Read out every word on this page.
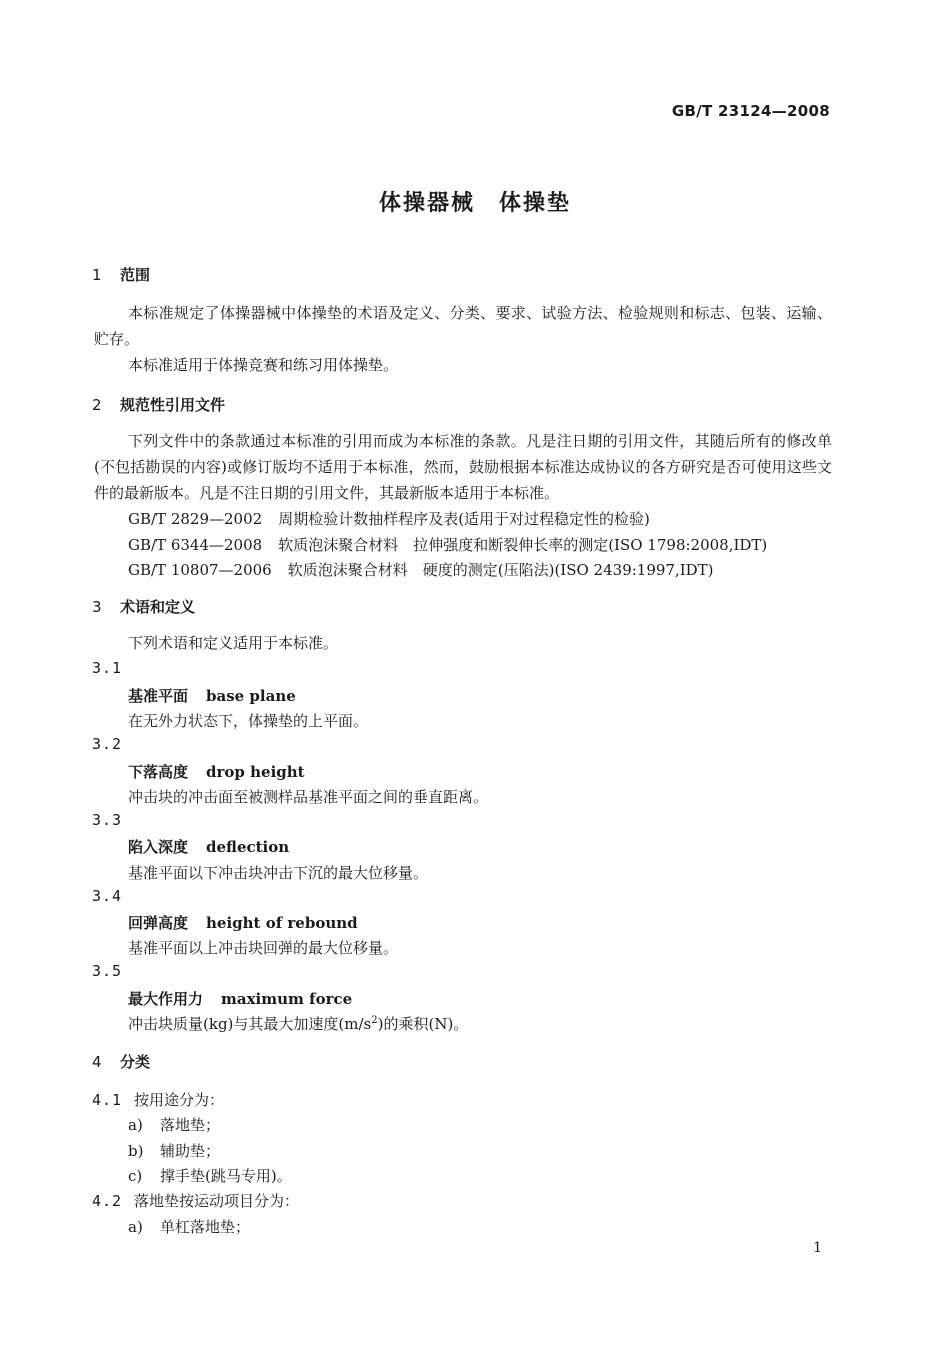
GB/T 23124—2008
体操器械　体操垫
1 范围
本标准规定了体操器械中体操垫的术语及定义、分类、要求、试验方法、检验规则和标志、包装、运输、贮存。
本标准适用于体操竞赛和练习用体操垫。
2 规范性引用文件
下列文件中的条款通过本标准的引用而成为本标准的条款。凡是注日期的引用文件，其随后所有的修改单(不包括勘误的内容)或修订版均不适用于本标准，然而，鼓励根据本标准达成协议的各方研究是否可使用这些文件的最新版本。凡是不注日期的引用文件，其最新版本适用于本标准。
GB/T 2829—2002 周期检验计数抽样程序及表(适用于对过程稳定性的检验)
GB/T 6344—2008 软质泡沫聚合材料　拉伸强度和断裂伸长率的测定(ISO 1798:2008,IDT)
GB/T 10807—2006 软质泡沫聚合材料　硬度的测定(压陷法)(ISO 2439:1997,IDT)
3 术语和定义
下列术语和定义适用于本标准。
3.1
基准平面 base plane
在无外力状态下，体操垫的上平面。
3.2
下落高度 drop height
冲击块的冲击面至被测样品基准平面之间的垂直距离。
3.3
陷入深度 deflection
基准平面以下冲击块冲击下沉的最大位移量。
3.4
回弹高度 height of rebound
基准平面以上冲击块回弹的最大位移量。
3.5
最大作用力 maximum force
冲击块质量(kg)与其最大加速度$(m/s^2)$的乘积(N)。
4 分类
4.1 按用途分为：
a) 落地垫；
b) 辅助垫；
c) 撑手垫(跳马专用)。
4.2 落地垫按运动项目分为：
a) 单杠落地垫；
1
